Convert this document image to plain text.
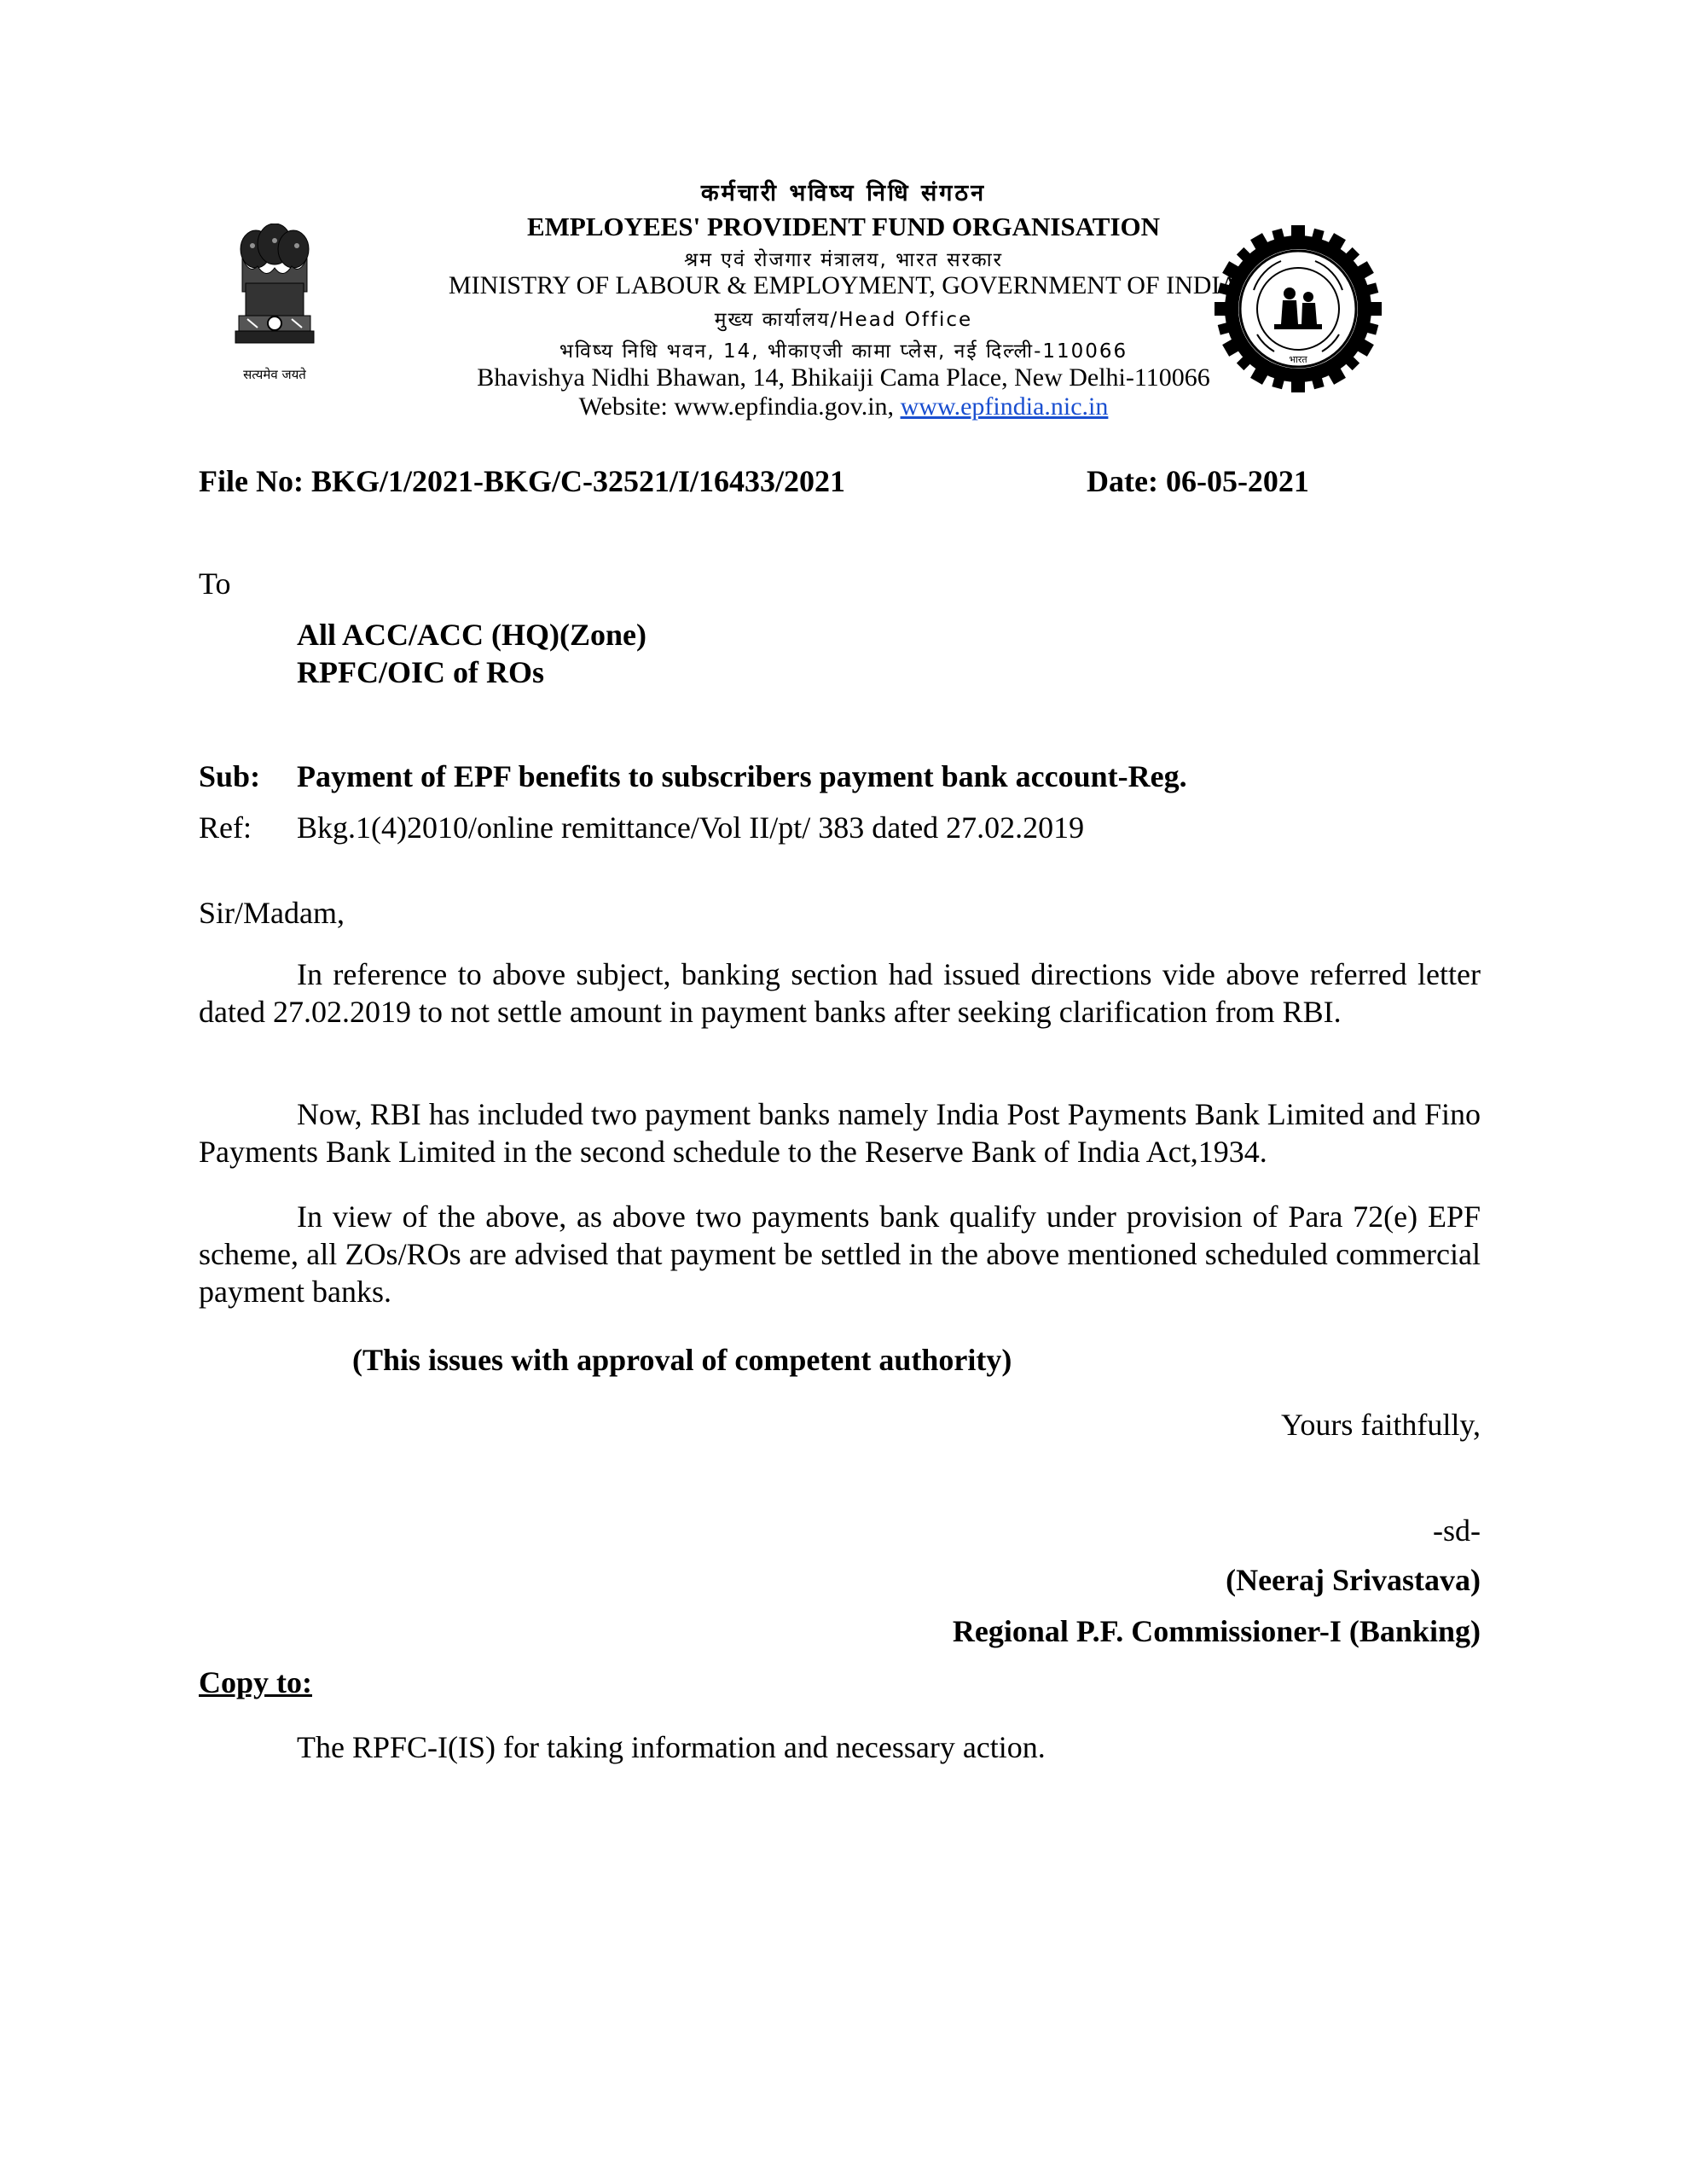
सत्यमेव जयते
भारत
कर्मचारी भविष्य निधि संगठन
EMPLOYEES' PROVIDENT FUND ORGANISATION
श्रम एवं रोजगार मंत्रालय, भारत सरकार
MINISTRY OF LABOUR & EMPLOYMENT, GOVERNMENT OF INDIA
मुख्य कार्यालय/Head Office
भविष्य निधि भवन, 14, भीकाएजी कामा प्लेस, नई दिल्ली-110066
Bhavishya Nidhi Bhawan, 14, Bhikaiji Cama Place, New Delhi-110066
Website: www.epfindia.gov.in, www.epfindia.nic.in
File No: BKG/1/2021-BKG/C-32521/I/16433/2021	Date: 06-05-2021
To
All ACC/ACC (HQ)(Zone)
RPFC/OIC of ROs
Sub: Payment of EPF benefits to subscribers payment bank account-Reg.
Ref: Bkg.1(4)2010/online remittance/Vol II/pt/ 383 dated 27.02.2019
Sir/Madam,
In reference to above subject, banking section had issued directions vide above referred letter dated 27.02.2019 to not settle amount in payment banks after seeking clarification from RBI.
Now, RBI has included two payment banks namely India Post Payments Bank Limited and Fino Payments Bank Limited in the second schedule to the Reserve Bank of India Act,1934.
In view of the above, as above two payments bank qualify under provision of Para 72(e) EPF scheme, all ZOs/ROs are advised that payment be settled in the above mentioned scheduled commercial payment banks.
(This issues with approval of competent authority)
Yours faithfully,
-sd-
(Neeraj Srivastava)
Regional P.F. Commissioner-I (Banking)
Copy to:
The RPFC-I(IS) for taking information and necessary action.
